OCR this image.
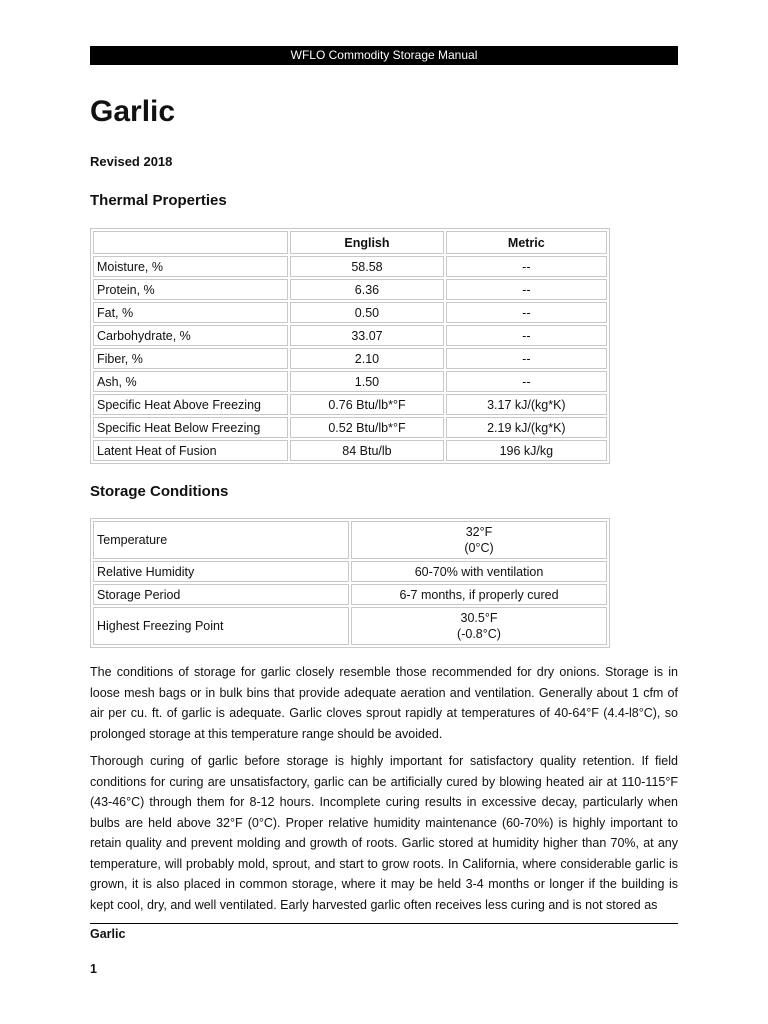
WFLO Commodity Storage Manual
Garlic
Revised 2018
Thermal Properties
	English	Metric
Moisture, %	58.58	--
Protein, %	6.36	--
Fat, %	0.50	--
Carbohydrate, %	33.07	--
Fiber, %	2.10	--
Ash, %	1.50	--
Specific Heat Above Freezing	0.76 Btu/lb*°F	3.17 kJ/(kg*K)
Specific Heat Below Freezing	0.52 Btu/lb*°F	2.19 kJ/(kg*K)
Latent Heat of Fusion	84 Btu/lb	196 kJ/kg
Storage Conditions
Temperature	32°F
(0°C)

Relative Humidity	60-70% with ventilation
Storage Period	6-7 months, if properly cured
Highest Freezing Point	30.5°F
(-0.8°C)

The conditions of storage for garlic closely resemble those recommended for dry onions. Storage is in loose mesh bags or in bulk bins that provide adequate aeration and ventilation. Generally about 1 cfm of air per cu. ft. of garlic is adequate. Garlic cloves sprout rapidly at temperatures of 40-64°F (4.4-l8°C), so prolonged storage at this temperature range should be avoided.

Thorough curing of garlic before storage is highly important for satisfactory quality retention. If field conditions for curing are unsatisfactory, garlic can be artificially cured by blowing heated air at 110-115°F (43-46°C) through them for 8-12 hours. Incomplete curing results in excessive decay, particularly when bulbs are held above 32°F (0°C). Proper relative humidity maintenance (60-70%) is highly important to retain quality and prevent molding and growth of roots. Garlic stored at humidity higher than 70%, at any temperature, will probably mold, sprout, and start to grow roots. In California, where considerable garlic is grown, it is also placed in common storage, where it may be held 3-4 months or longer if the building is kept cool, dry, and well ventilated. Early harvested garlic often receives less curing and is not stored as

Garlic
1
